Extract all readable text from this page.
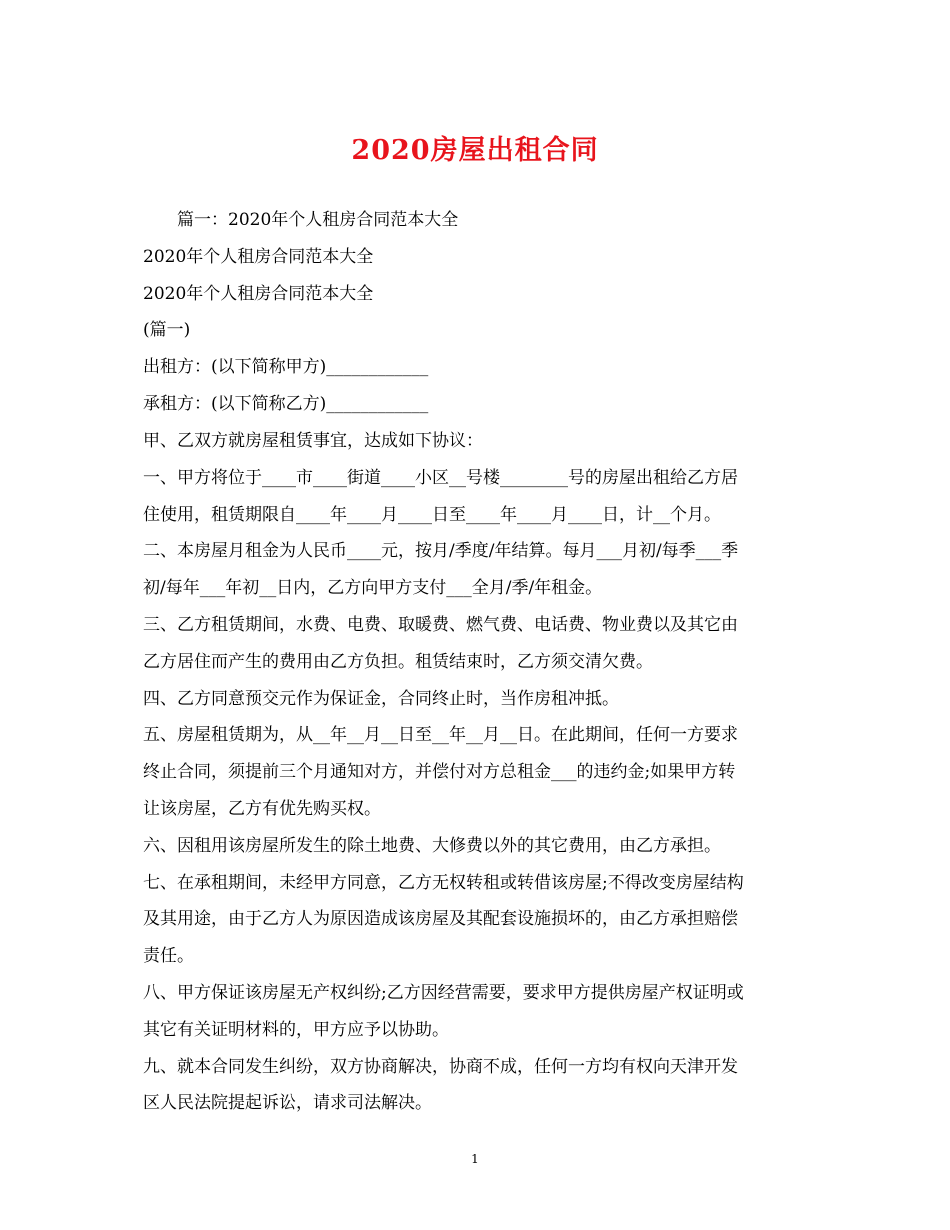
2020房屋出租合同
　　篇一：2020年个人租房合同范本大全
2020年个人租房合同范本大全
2020年个人租房合同范本大全
(篇一)
出租方：(以下简称甲方)____________
承租方：(以下简称乙方)____________
甲、乙双方就房屋租赁事宜，达成如下协议：
一、甲方将位于____市____街道____小区__号楼________号的房屋出租给乙方居
住使用，租赁期限自____年____月____日至____年____月____日，计__个月。
二、本房屋月租金为人民币____元，按月/季度/年结算。每月___月初/每季___季
初/每年___年初__日内，乙方向甲方支付___全月/季/年租金。
三、乙方租赁期间，水费、电费、取暖费、燃气费、电话费、物业费以及其它由
乙方居住而产生的费用由乙方负担。租赁结束时，乙方须交清欠费。
四、乙方同意预交元作为保证金，合同终止时，当作房租冲抵。
五、房屋租赁期为，从__年__月__日至__年__月__日。在此期间，任何一方要求
终止合同，须提前三个月通知对方，并偿付对方总租金___的违约金;如果甲方转
让该房屋，乙方有优先购买权。
六、因租用该房屋所发生的除土地费、大修费以外的其它费用，由乙方承担。
七、在承租期间，未经甲方同意，乙方无权转租或转借该房屋;不得改变房屋结构
及其用途，由于乙方人为原因造成该房屋及其配套设施损坏的，由乙方承担赔偿
责任。
八、甲方保证该房屋无产权纠纷;乙方因经营需要，要求甲方提供房屋产权证明或
其它有关证明材料的，甲方应予以协助。
九、就本合同发生纠纷，双方协商解决，协商不成，任何一方均有权向天津开发
区人民法院提起诉讼，请求司法解决。
1
